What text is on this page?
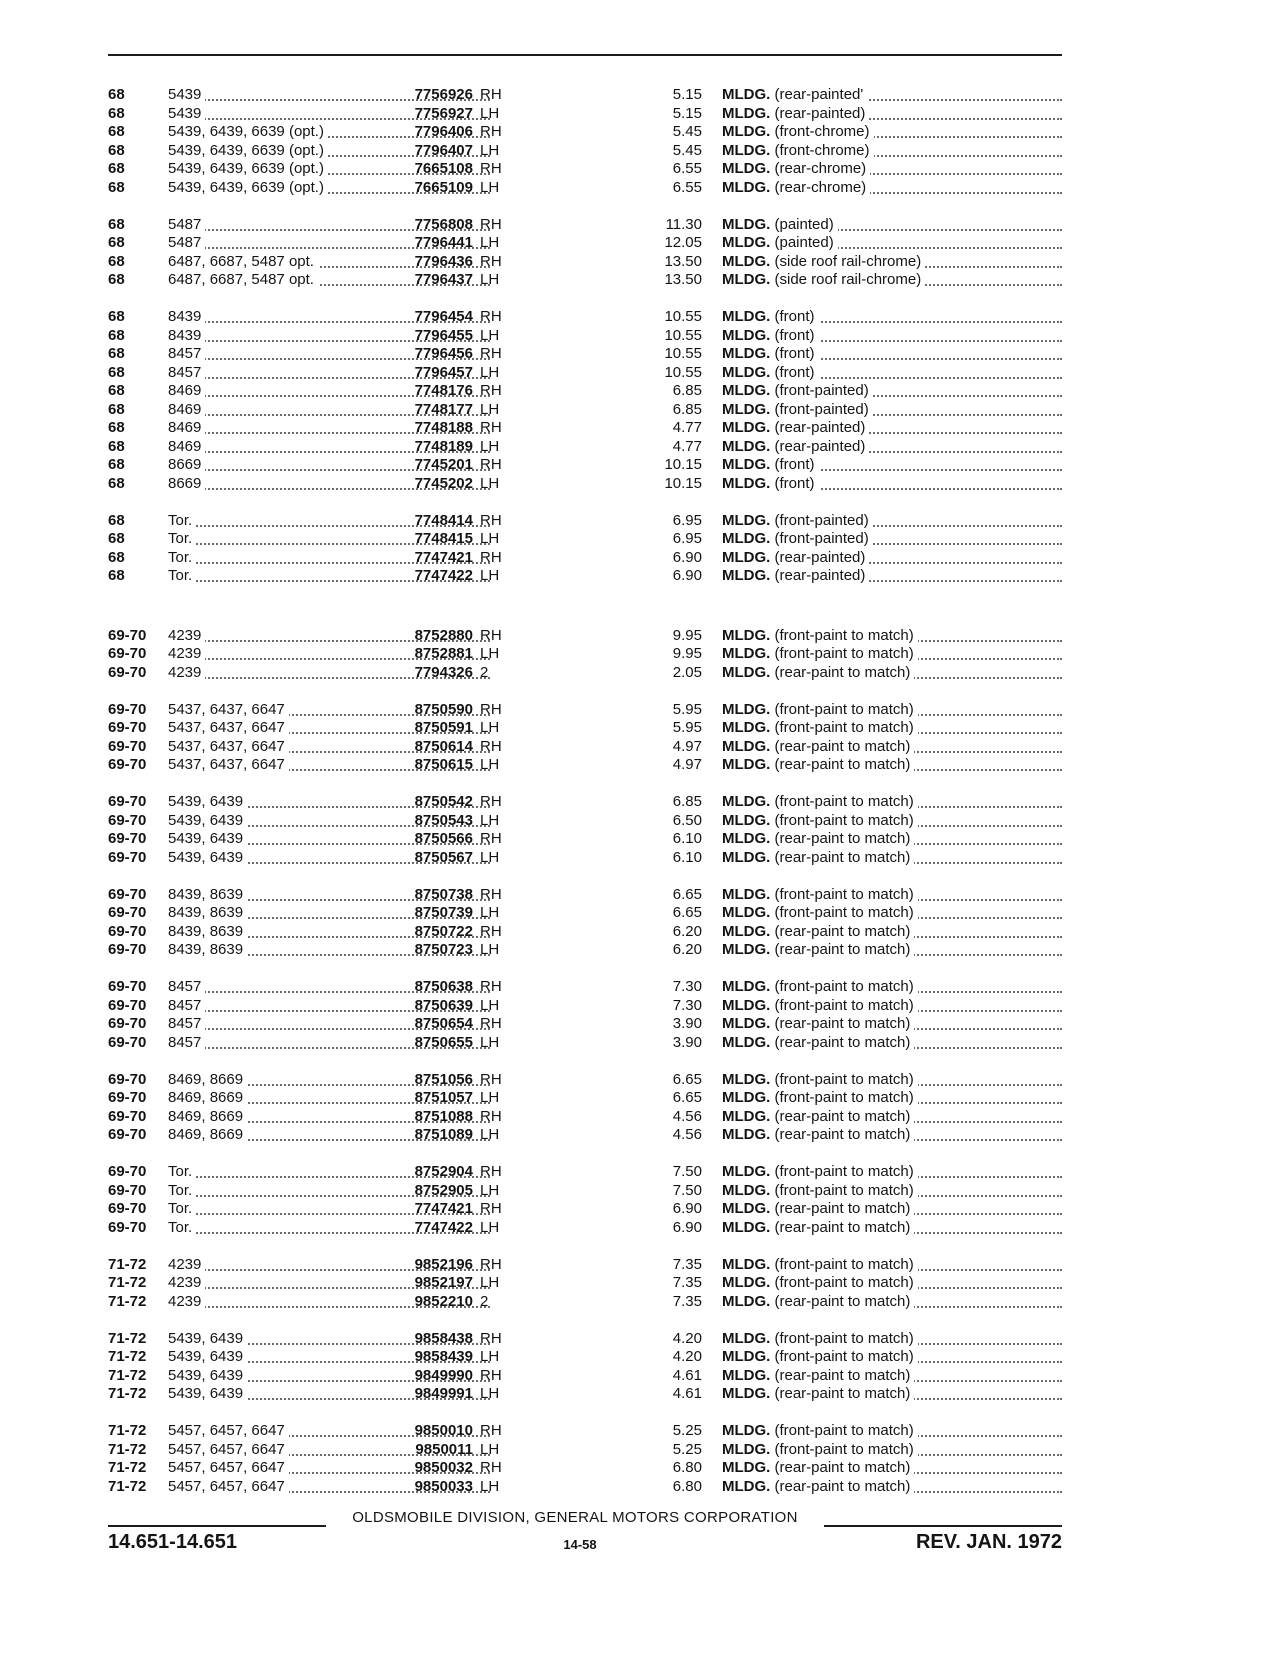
68	5439	7756926 RH	5.15 MLDG. (rear-painted'
68	5439	7756927 LH	5.15 MLDG. (rear-painted)
68	5439, 6439, 6639 (opt.)	7796406 RH	5.45 MLDG. (front-chrome)
68	5439, 6439, 6639 (opt.)	7796407 LH	5.45 MLDG. (front-chrome)
68	5439, 6439, 6639 (opt.)	7665108 RH	6.55 MLDG. (rear-chrome)
68	5439, 6439, 6639 (opt.)	7665109 LH	6.55 MLDG. (rear-chrome)
68	5487	7756808 RH	11.30 MLDG. (painted)
68	5487	7796441 LH	12.05 MLDG. (painted)
68	6487, 6687, 5487 opt.	7796436 RH	13.50 MLDG. (side roof rail-chrome)
68	6487, 6687, 5487 opt.	7796437 LH	13.50 MLDG. (side roof rail-chrome)
68	8439	7796454 RH	10.55 MLDG. (front)
68	8439	7796455 LH	10.55 MLDG. (front)
68	8457	7796456 RH	10.55 MLDG. (front)
68	8457	7796457 LH	10.55 MLDG. (front)
68	8469	7748176 RH	6.85 MLDG. (front-painted)
68	8469	7748177 LH	6.85 MLDG. (front-painted)
68	8469	7748188 RH	4.77 MLDG. (rear-painted)
68	8469	7748189 LH	4.77 MLDG. (rear-painted)
68	8669	7745201 RH	10.15 MLDG. (front)
68	8669	7745202 LH	10.15 MLDG. (front)
68	Tor.	7748414 RH	6.95 MLDG. (front-painted)
68	Tor.	7748415 LH	6.95 MLDG. (front-painted)
68	Tor.	7747421 RH	6.90 MLDG. (rear-painted)
68	Tor.	7747422 LH	6.90 MLDG. (rear-painted)
69-70	4239	8752880 RH	9.95 MLDG. (front-paint to match)
69-70	4239	8752881 LH	9.95 MLDG. (front-paint to match)
69-70	4239	7794326 2	2.05 MLDG. (rear-paint to match)
69-70	5437, 6437, 6647	8750590 RH	5.95 MLDG. (front-paint to match)
69-70	5437, 6437, 6647	8750591 LH	5.95 MLDG. (front-paint to match)
69-70	5437, 6437, 6647	8750614 RH	4.97 MLDG. (rear-paint to match)
69-70	5437, 6437, 6647	8750615 LH	4.97 MLDG. (rear-paint to match)
69-70	5439, 6439	8750542 RH	6.85 MLDG. (front-paint to match)
69-70	5439, 6439	8750543 LH	6.50 MLDG. (front-paint to match)
69-70	5439, 6439	8750566 RH	6.10 MLDG. (rear-paint to match)
69-70	5439, 6439	8750567 LH	6.10 MLDG. (rear-paint to match)
69-70	8439, 8639	8750738 RH	6.65 MLDG. (front-paint to match)
69-70	8439, 8639	8750739 LH	6.65 MLDG. (front-paint to match)
69-70	8439, 8639	8750722 RH	6.20 MLDG. (rear-paint to match)
69-70	8439, 8639	8750723 LH	6.20 MLDG. (rear-paint to match)
69-70	8457	8750638 RH	7.30 MLDG. (front-paint to match)
69-70	8457	8750639 LH	7.30 MLDG. (front-paint to match)
69-70	8457	8750654 RH	3.90 MLDG. (rear-paint to match)
69-70	8457	8750655 LH	3.90 MLDG. (rear-paint to match)
69-70	8469, 8669	8751056 RH	6.65 MLDG. (front-paint to match)
69-70	8469, 8669	8751057 LH	6.65 MLDG. (front-paint to match)
69-70	8469, 8669	8751088 RH	4.56 MLDG. (rear-paint to match)
69-70	8469, 8669	8751089 LH	4.56 MLDG. (rear-paint to match)
69-70	Tor.	8752904 RH	7.50 MLDG. (front-paint to match)
69-70	Tor.	8752905 LH	7.50 MLDG. (front-paint to match)
69-70	Tor.	7747421 RH	6.90 MLDG. (rear-paint to match)
69-70	Tor.	7747422 LH	6.90 MLDG. (rear-paint to match)
71-72	4239	9852196 RH	7.35 MLDG. (front-paint to match)
71-72	4239	9852197 LH	7.35 MLDG. (front-paint to match)
71-72	4239	9852210 2	7.35 MLDG. (rear-paint to match)
71-72	5439, 6439	9858438 RH	4.20 MLDG. (front-paint to match)
71-72	5439, 6439	9858439 LH	4.20 MLDG. (front-paint to match)
71-72	5439, 6439	9849990 RH	4.61 MLDG. (rear-paint to match)
71-72	5439, 6439	9849991 LH	4.61 MLDG. (rear-paint to match)
71-72	5457, 6457, 6647	9850010 RH	5.25 MLDG. (front-paint to match)
71-72	5457, 6457, 6647	9850011 LH	5.25 MLDG. (front-paint to match)
71-72	5457, 6457, 6647	9850032 RH	6.80 MLDG. (rear-paint to match)
71-72	5457, 6457, 6647	9850033 LH	6.80 MLDG. (rear-paint to match)
OLDSMOBILE DIVISION, GENERAL MOTORS CORPORATION
14.651-14.651	14-58	REV. JAN. 1972
